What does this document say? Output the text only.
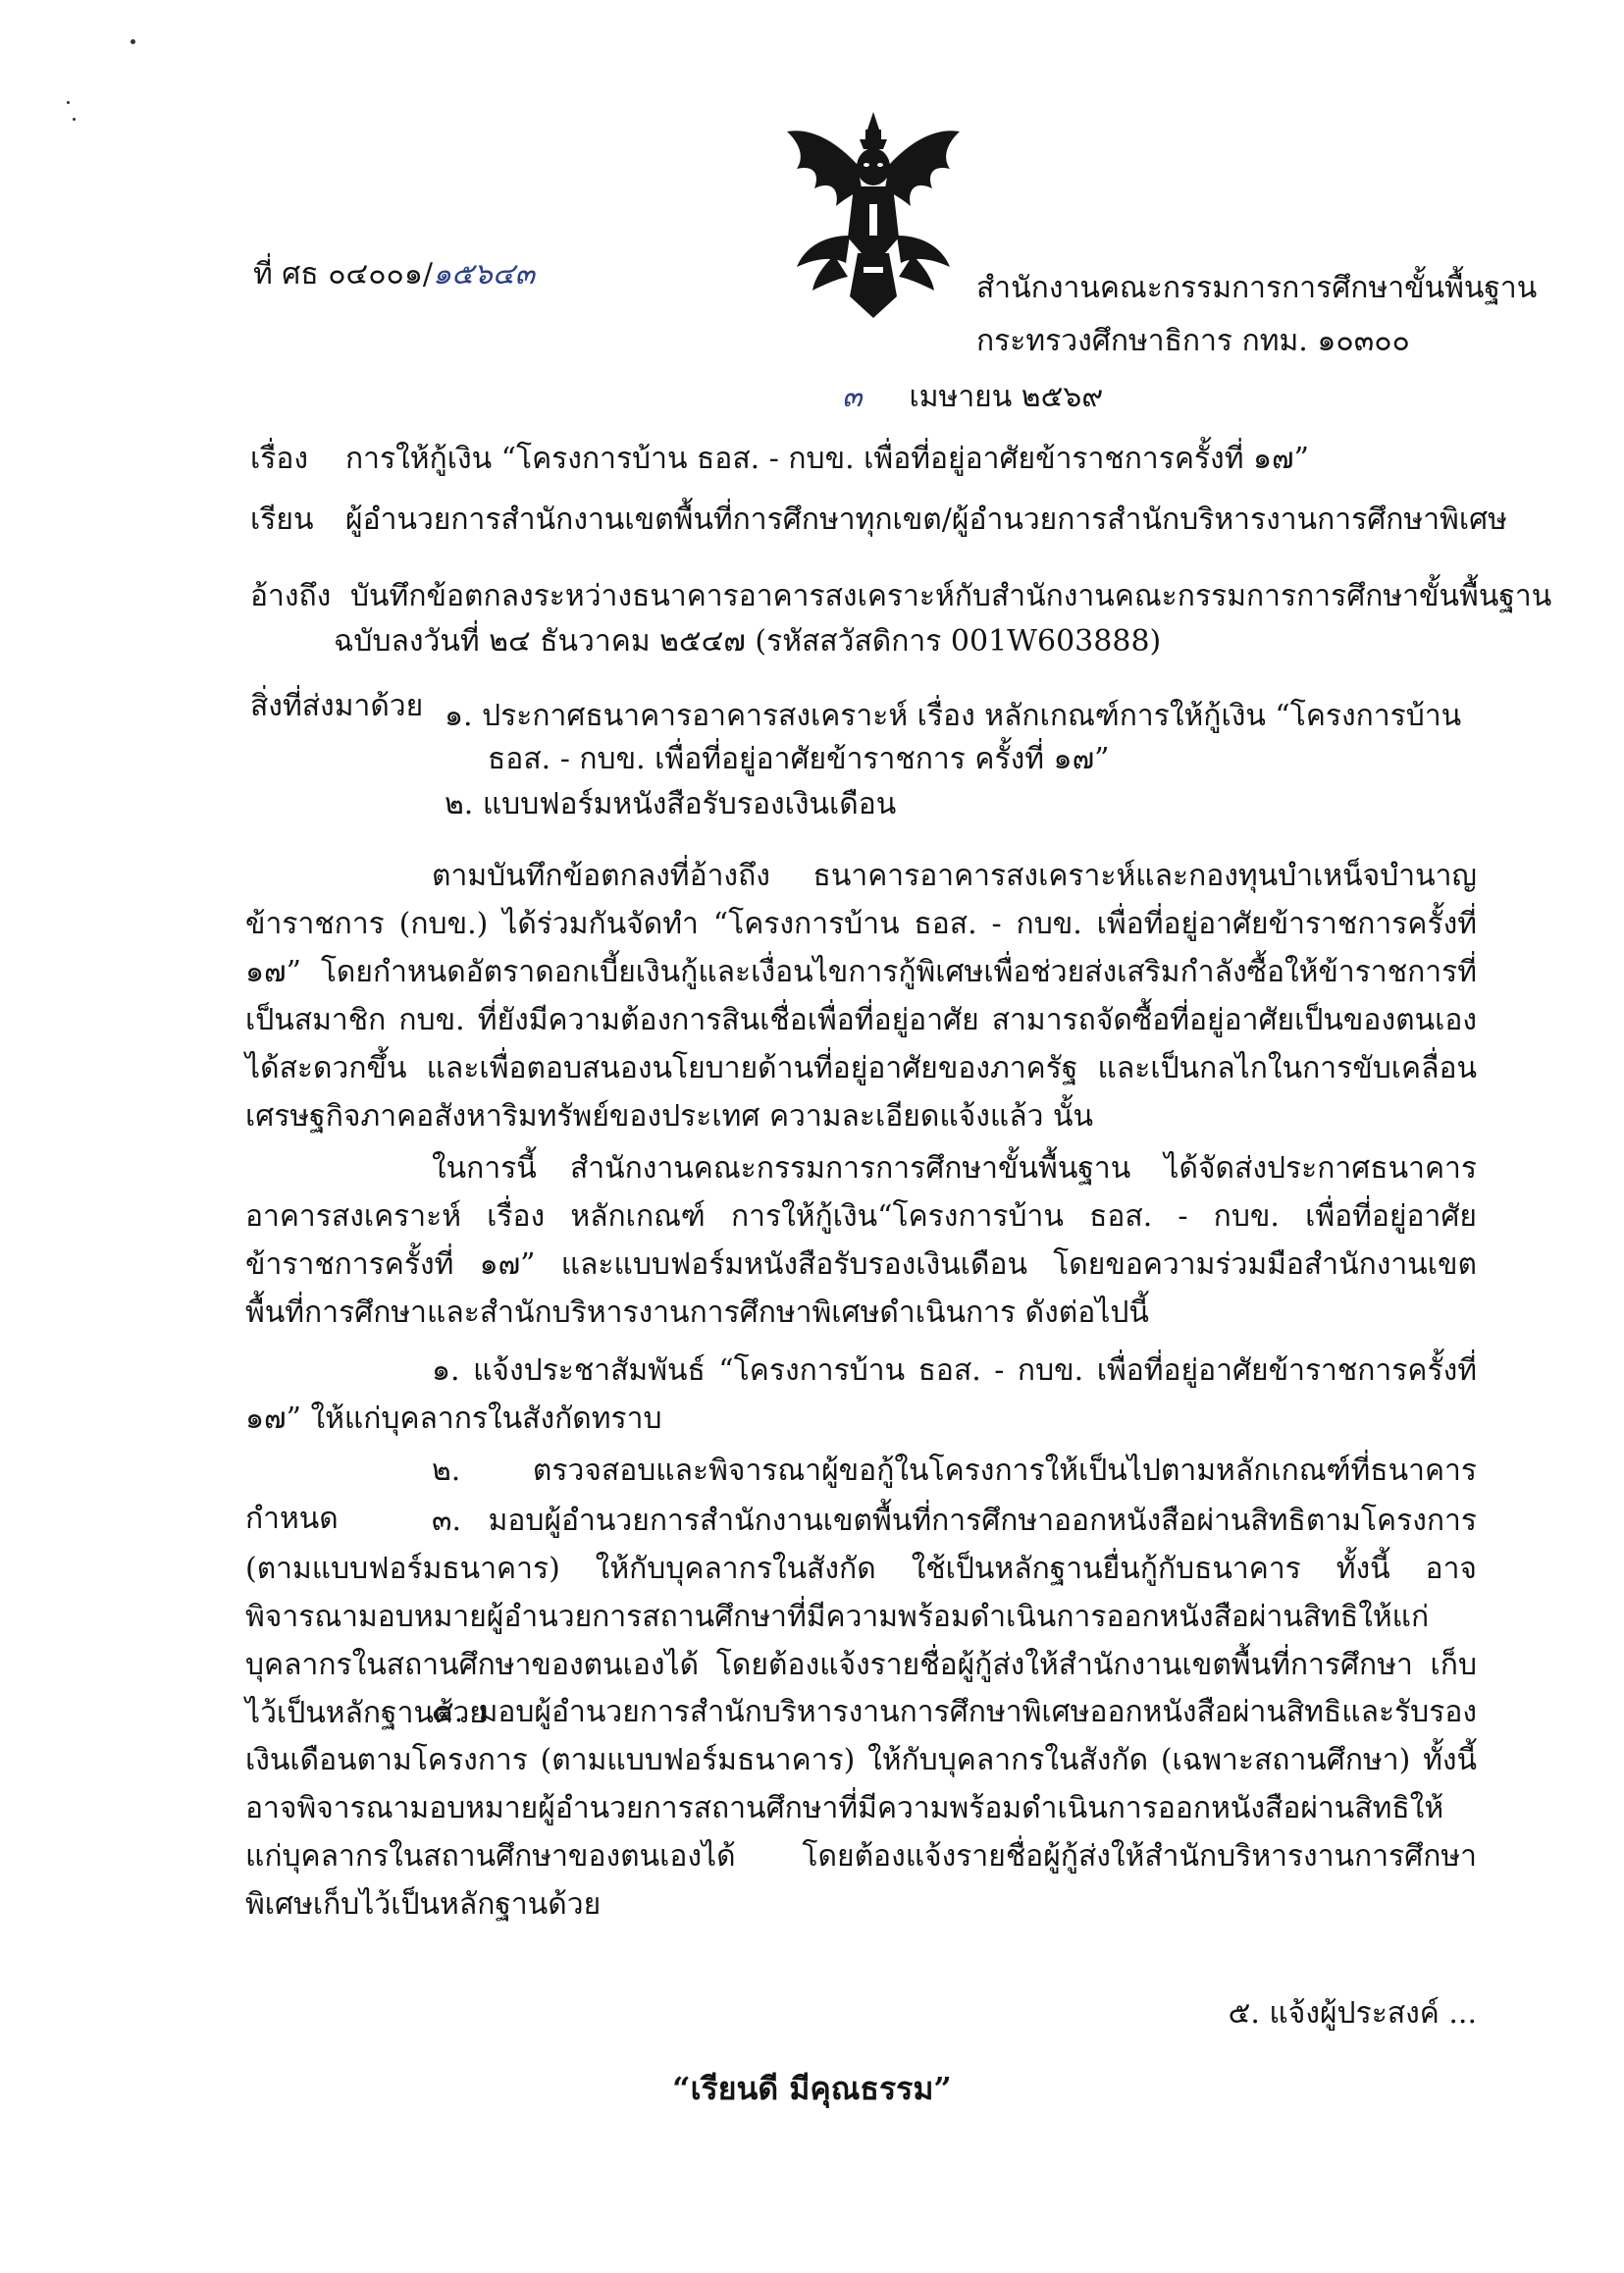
ที่ ศธ ๐๔๐๐๑/๑๕๖๔๓	สำนักงานคณะกรรมการการศึกษาขั้นพื้นฐาน
กระทรวงศึกษาธิการ กทม. ๑๐๓๐๐
๓ เมษายน ๒๕๖๙
เรื่อง การให้กู้เงิน “โครงการบ้าน ธอส. - กบข. เพื่อที่อยู่อาศัยข้าราชการครั้งที่ ๑๗”
เรียน ผู้อำนวยการสำนักงานเขตพื้นที่การศึกษาทุกเขต/ผู้อำนวยการสำนักบริหารงานการศึกษาพิเศษ
อ้างถึง บันทึกข้อตกลงระหว่างธนาคารอาคารสงเคราะห์กับสำนักงานคณะกรรมการการศึกษาขั้นพื้นฐาน
ฉบับลงวันที่ ๒๔ ธันวาคม ๒๕๔๗ (รหัสสวัสดิการ 001W603888)
สิ่งที่ส่งมาด้วย ๑. ประกาศธนาคารอาคารสงเคราะห์ เรื่อง หลักเกณฑ์การให้กู้เงิน “โครงการบ้าน
ธอส. - กบข. เพื่อที่อยู่อาศัยข้าราชการ ครั้งที่ ๑๗”
๒. แบบฟอร์มหนังสือรับรองเงินเดือน
ตามบันทึกข้อตกลงที่อ้างถึง ธนาคารอาคารสงเคราะห์และกองทุนบำเหน็จบำนาญข้าราชการ (กบข.) ได้ร่วมกันจัดทำ “โครงการบ้าน ธอส. - กบข. เพื่อที่อยู่อาศัยข้าราชการครั้งที่ ๑๗” โดยกำหนดอัตราดอกเบี้ยเงินกู้และเงื่อนไขการกู้พิเศษเพื่อช่วยส่งเสริมกำลังซื้อให้ข้าราชการที่เป็นสมาชิก กบข. ที่ยังมีความต้องการสินเชื่อเพื่อที่อยู่อาศัย สามารถจัดซื้อที่อยู่อาศัยเป็นของตนเองได้สะดวกขึ้น และเพื่อตอบสนองนโยบายด้านที่อยู่อาศัยของภาครัฐ และเป็นกลไกในการขับเคลื่อนเศรษฐกิจภาคอสังหาริมทรัพย์ของประเทศ ความละเอียดแจ้งแล้ว นั้น
ในการนี้ สำนักงานคณะกรรมการการศึกษาขั้นพื้นฐาน ได้จัดส่งประกาศธนาคารอาคารสงเคราะห์ เรื่อง หลักเกณฑ์ การให้กู้เงิน“โครงการบ้าน ธอส. - กบข. เพื่อที่อยู่อาศัยข้าราชการครั้งที่ ๑๗” และแบบฟอร์มหนังสือรับรองเงินเดือน โดยขอความร่วมมือสำนักงานเขตพื้นที่การศึกษาและสำนักบริหารงานการศึกษาพิเศษดำเนินการ ดังต่อไปนี้
๑. แจ้งประชาสัมพันธ์ “โครงการบ้าน ธอส. - กบข. เพื่อที่อยู่อาศัยข้าราชการครั้งที่ ๑๗” ให้แก่บุคลากรในสังกัดทราบ
๒. ตรวจสอบและพิจารณาผู้ขอกู้ในโครงการให้เป็นไปตามหลักเกณฑ์ที่ธนาคารกำหนด	๓. มอบผู้อำนวยการสำนักงานเขตพื้นที่การศึกษาออกหนังสือผ่านสิทธิตามโครงการ (ตามแบบฟอร์มธนาคาร) ให้กับบุคลากรในสังกัด ใช้เป็นหลักฐานยื่นกู้กับธนาคาร ทั้งนี้ อาจพิจารณามอบหมายผู้อำนวยการสถานศึกษาที่มีความพร้อมดำเนินการออกหนังสือผ่านสิทธิให้แก่บุคลากรในสถานศึกษาของตนเองได้ โดยต้องแจ้งรายชื่อผู้กู้ส่งให้สำนักงานเขตพื้นที่การศึกษา เก็บไว้เป็นหลักฐานด้วย
๔. มอบผู้อำนวยการสำนักบริหารงานการศึกษาพิเศษออกหนังสือผ่านสิทธิและรับรองเงินเดือนตามโครงการ (ตามแบบฟอร์มธนาคาร) ให้กับบุคลากรในสังกัด (เฉพาะสถานศึกษา) ทั้งนี้ อาจพิจารณามอบหมายผู้อำนวยการสถานศึกษาที่มีความพร้อมดำเนินการออกหนังสือผ่านสิทธิให้แก่บุคลากรในสถานศึกษาของตนเองได้ โดยต้องแจ้งรายชื่อผู้กู้ส่งให้สำนักบริหารงานการศึกษาพิเศษเก็บไว้เป็นหลักฐานด้วย
๕. แจ้งผู้ประสงค์ ...
“เรียนดี มีคุณธรรม”
